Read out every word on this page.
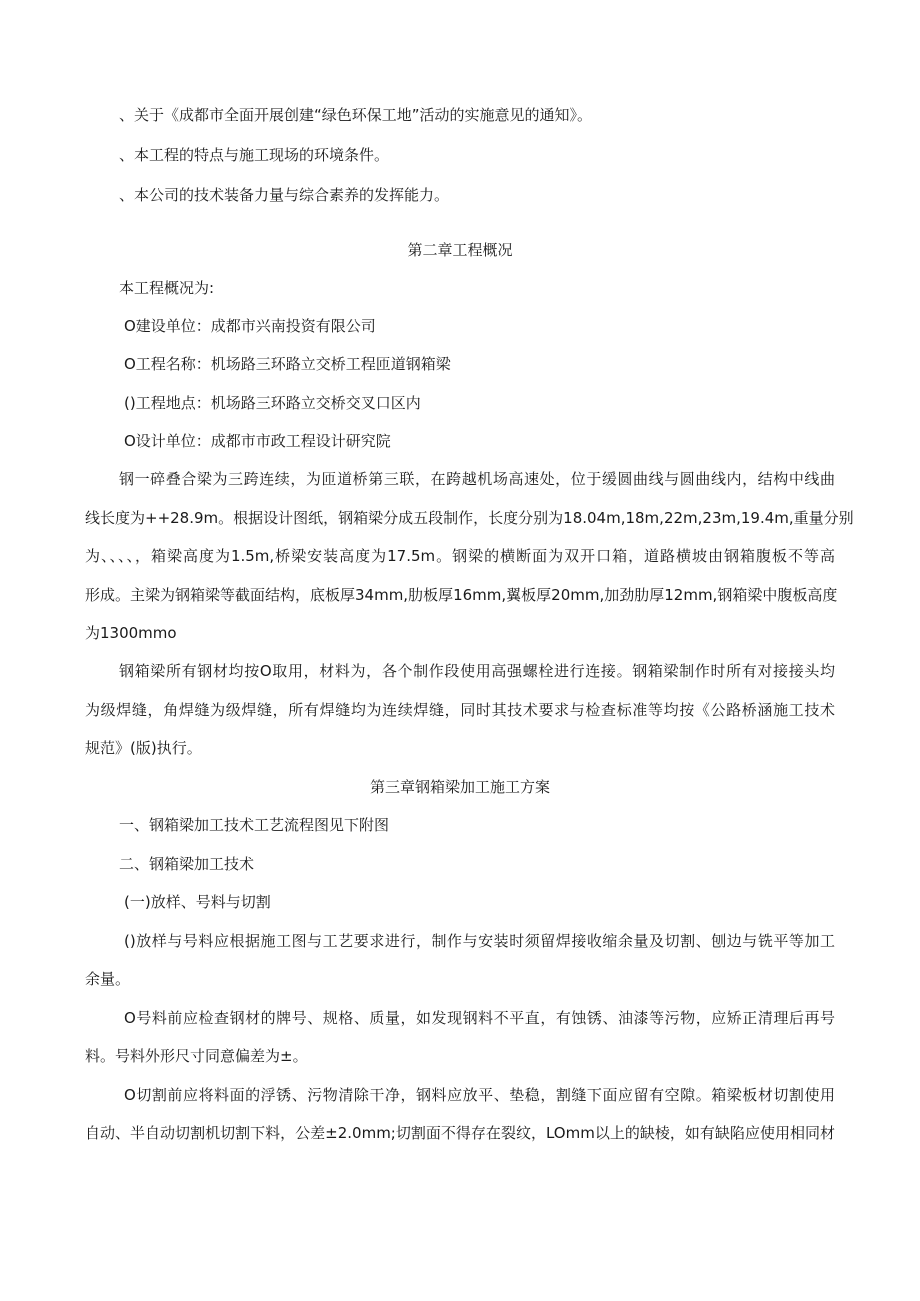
、关于《成都市全面开展创建“绿色环保工地”活动的实施意见的通知》。
、本工程的特点与施工现场的环境条件。
、本公司的技术装备力量与综合素养的发挥能力。
第二章工程概况
本工程概况为:
O建设单位：成都市兴南投资有限公司
O工程名称：机场路三环路立交桥工程匝道钢箱梁
()工程地点：机场路三环路立交桥交叉口区内
O设计单位：成都市市政工程设计研究院
钢一碎叠合梁为三跨连续，为匝道桥第三联，在跨越机场高速处，位于缓圆曲线与圆曲线内，结构中线曲
线长度为++28.9m。根据设计图纸，钢箱梁分成五段制作，长度分别为18.04m,18m,22m,23m,19.4m,重量分别
为、、、、，箱梁高度为1.5m,桥梁安装高度为17.5m。钢梁的横断面为双开口箱，道路横坡由钢箱腹板不等高
形成。主梁为钢箱梁等截面结构，底板厚34mm,肋板厚16mm,翼板厚20mm,加劲肋厚12mm,钢箱梁中腹板高度
为1300mmo
钢箱梁所有钢材均按O取用，材料为，各个制作段使用高强螺栓进行连接。钢箱梁制作时所有对接接头均
为级焊缝，角焊缝为级焊缝，所有焊缝均为连续焊缝，同时其技术要求与检查标准等均按《公路桥涵施工技术
规范》(版)执行。
第三章钢箱梁加工施工方案
一、钢箱梁加工技术工艺流程图见下附图
二、钢箱梁加工技术
(一)放样、号料与切割
()放样与号料应根据施工图与工艺要求进行，制作与安装时须留焊接收缩余量及切割、刨边与铣平等加工
余量。
O号料前应检查钢材的牌号、规格、质量，如发现钢料不平直，有蚀锈、油漆等污物，应矫正清理后再号
料。号料外形尺寸同意偏差为±。
O切割前应将料面的浮锈、污物清除干净，钢料应放平、垫稳，割缝下面应留有空隙。箱梁板材切割使用
自动、半自动切割机切割下料，公差±2.0mm;切割面不得存在裂纹，LOmm以上的缺棱，如有缺陷应使用相同材
